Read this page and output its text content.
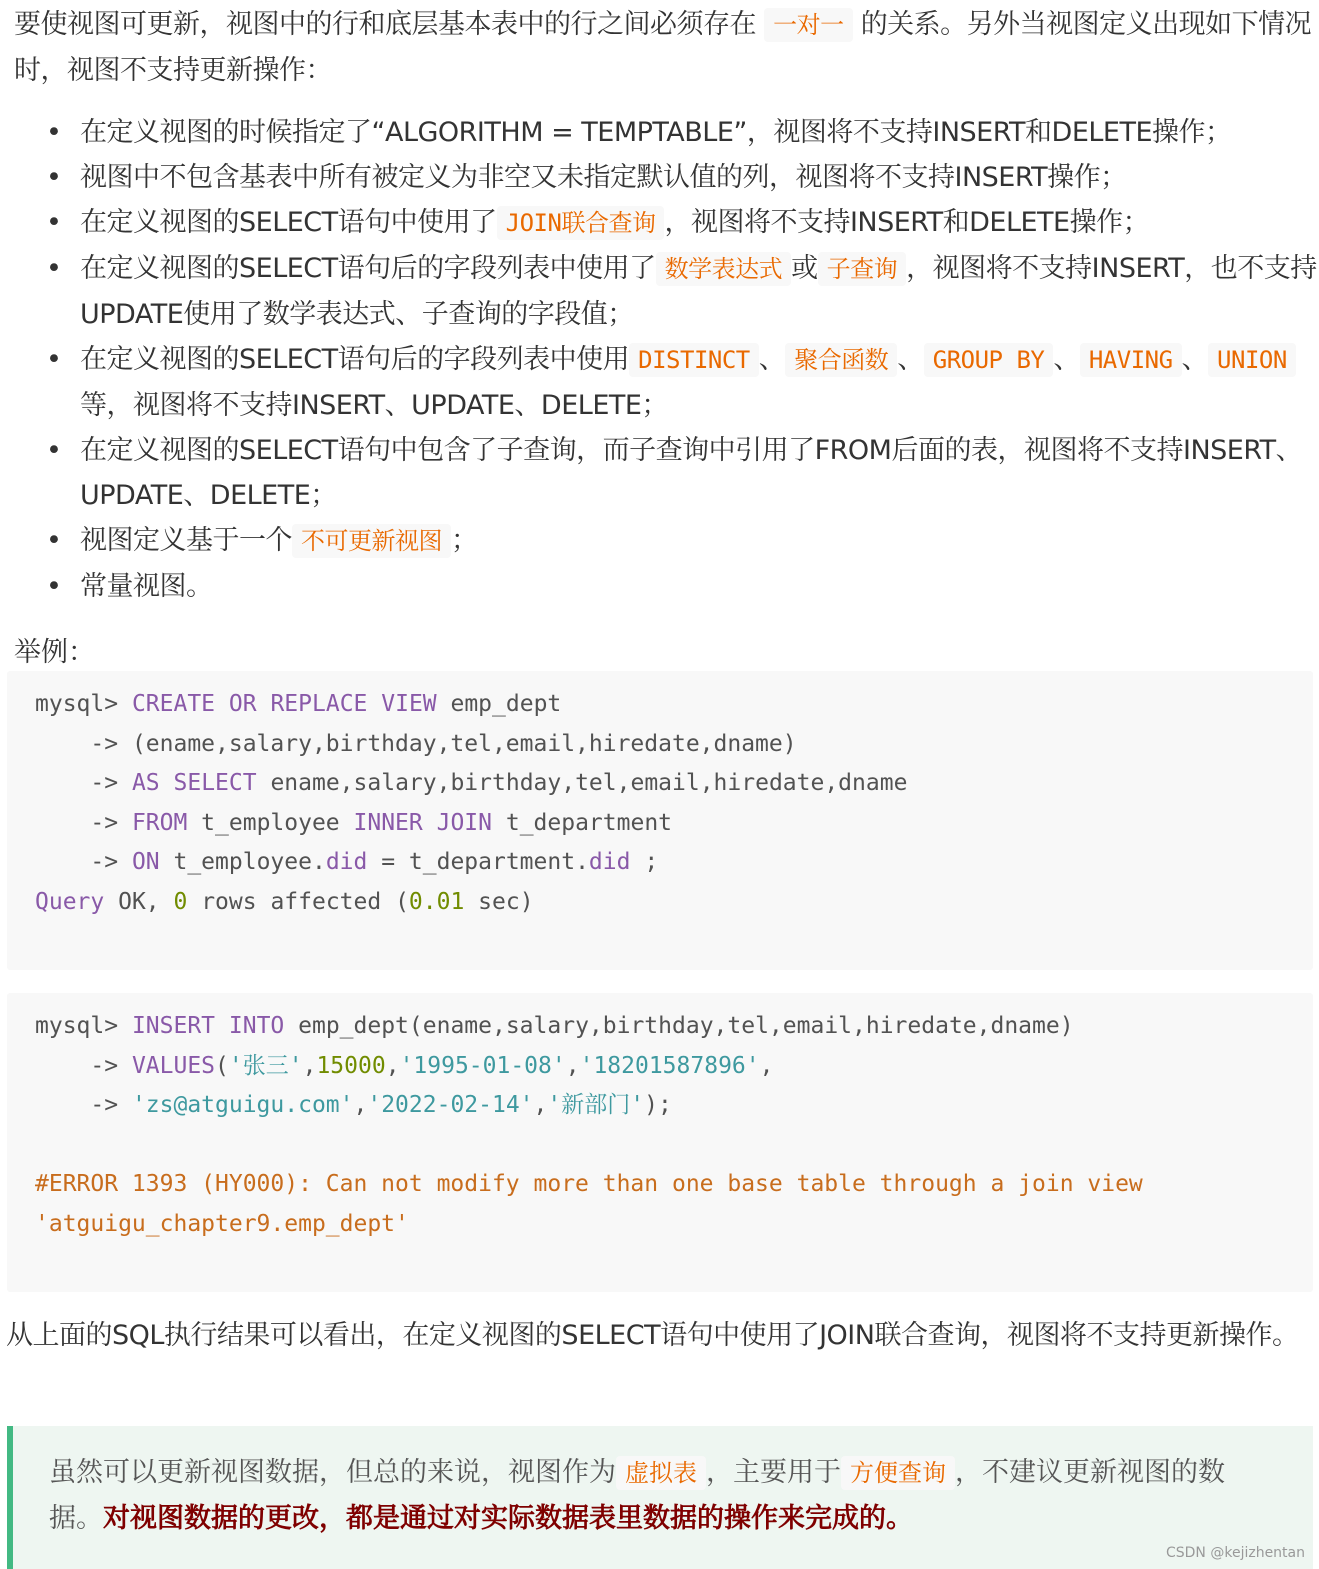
要使视图可更新，视图中的行和底层基本表中的行之间必须存在 一对一 的关系。另外当视图定义出现如下情况时，视图不支持更新操作：
• 在定义视图的时候指定了“ALGORITHM = TEMPTABLE”，视图将不支持INSERT和DELETE操作；
• 视图中不包含基表中所有被定义为非空又未指定默认值的列，视图将不支持INSERT操作；
• 在定义视图的SELECT语句中使用了 JOIN联合查询 ，视图将不支持INSERT和DELETE操作；
• 在定义视图的SELECT语句后的字段列表中使用了 数学表达式 或 子查询 ，视图将不支持INSERT，也不支持UPDATE使用了数学表达式、子查询的字段值；
• 在定义视图的SELECT语句后的字段列表中使用 DISTINCT 、 聚合函数 、 GROUP BY 、 HAVING 、 UNION等，视图将不支持INSERT、UPDATE、DELETE；
• 在定义视图的SELECT语句中包含了子查询，而子查询中引用了FROM后面的表，视图将不支持INSERT、UPDATE、DELETE；
• 视图定义基于一个 不可更新视图 ；
• 常量视图。
举例：
mysql> CREATE OR REPLACE VIEW emp_dept
-> (ename,salary,birthday,tel,email,hiredate,dname)
-> AS SELECT ename,salary,birthday,tel,email,hiredate,dname
-> FROM t_employee INNER JOIN t_department
-> ON t_employee.did = t_department.did ;
Query OK, 0 rows affected (0.01 sec)
mysql> INSERT INTO emp_dept(ename,salary,birthday,tel,email,hiredate,dname)
-> VALUES('张三',15000,'1995-01-08','18201587896',
-> 'zs@atguigu.com','2022-02-14','新部门');
#ERROR 1393 (HY000): Can not modify more than one base table through a join view
'atguigu_chapter9.emp_dept'
从上面的SQL执行结果可以看出，在定义视图的SELECT语句中使用了JOIN联合查询，视图将不支持更新操作。
虽然可以更新视图数据，但总的来说，视图作为 虚拟表 ，主要用于 方便查询 ，不建议更新视图的数据。对视图数据的更改，都是通过对实际数据表里数据的操作来完成的。
CSDN @kejizhentan
